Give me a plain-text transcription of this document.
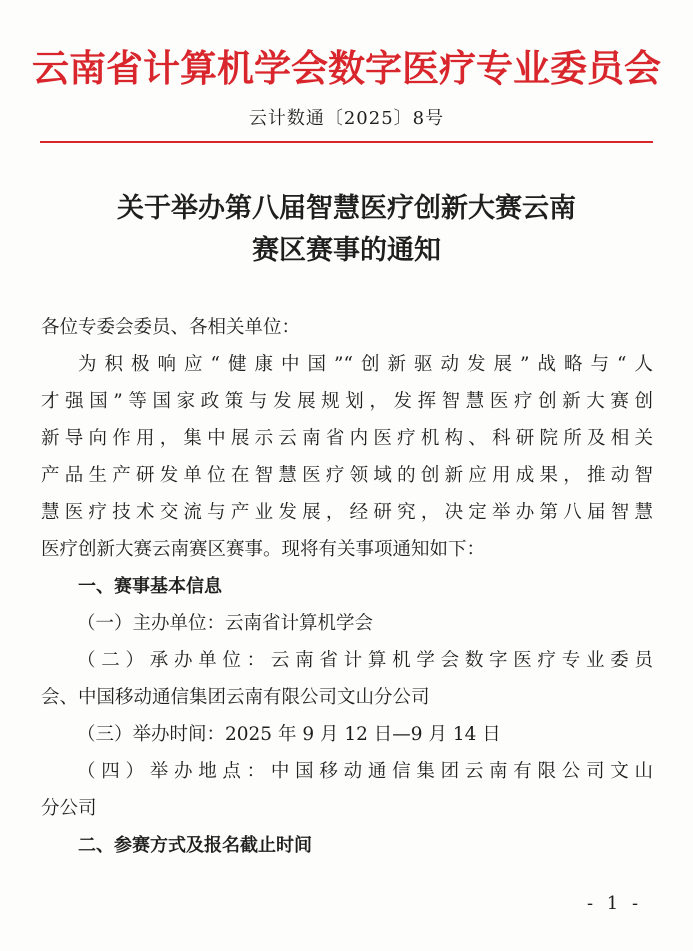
云南省计算机学会数字医疗专业委员会
云计数通〔2025〕8号
关于举办第八届智慧医疗创新大赛云南
赛区赛事的通知
各位专委会委员、各相关单位：
为积极响应“健康中国”“创新驱动发展”战略与“人
才强国”等国家政策与发展规划，发挥智慧医疗创新大赛创
新导向作用，集中展示云南省内医疗机构、科研院所及相关
产品生产研发单位在智慧医疗领域的创新应用成果，推动智
慧医疗技术交流与产业发展，经研究，决定举办第八届智慧
医疗创新大赛云南赛区赛事。现将有关事项通知如下：
一、赛事基本信息
（一）主办单位：云南省计算机学会
（二）承办单位：云南省计算机学会数字医疗专业委员
会、中国移动通信集团云南有限公司文山分公司
（三）举办时间：2025 年 9 月 12 日—9 月 14 日
（四）举办地点：中国移动通信集团云南有限公司文山
分公司
二、参赛方式及报名截止时间
- 1 -
